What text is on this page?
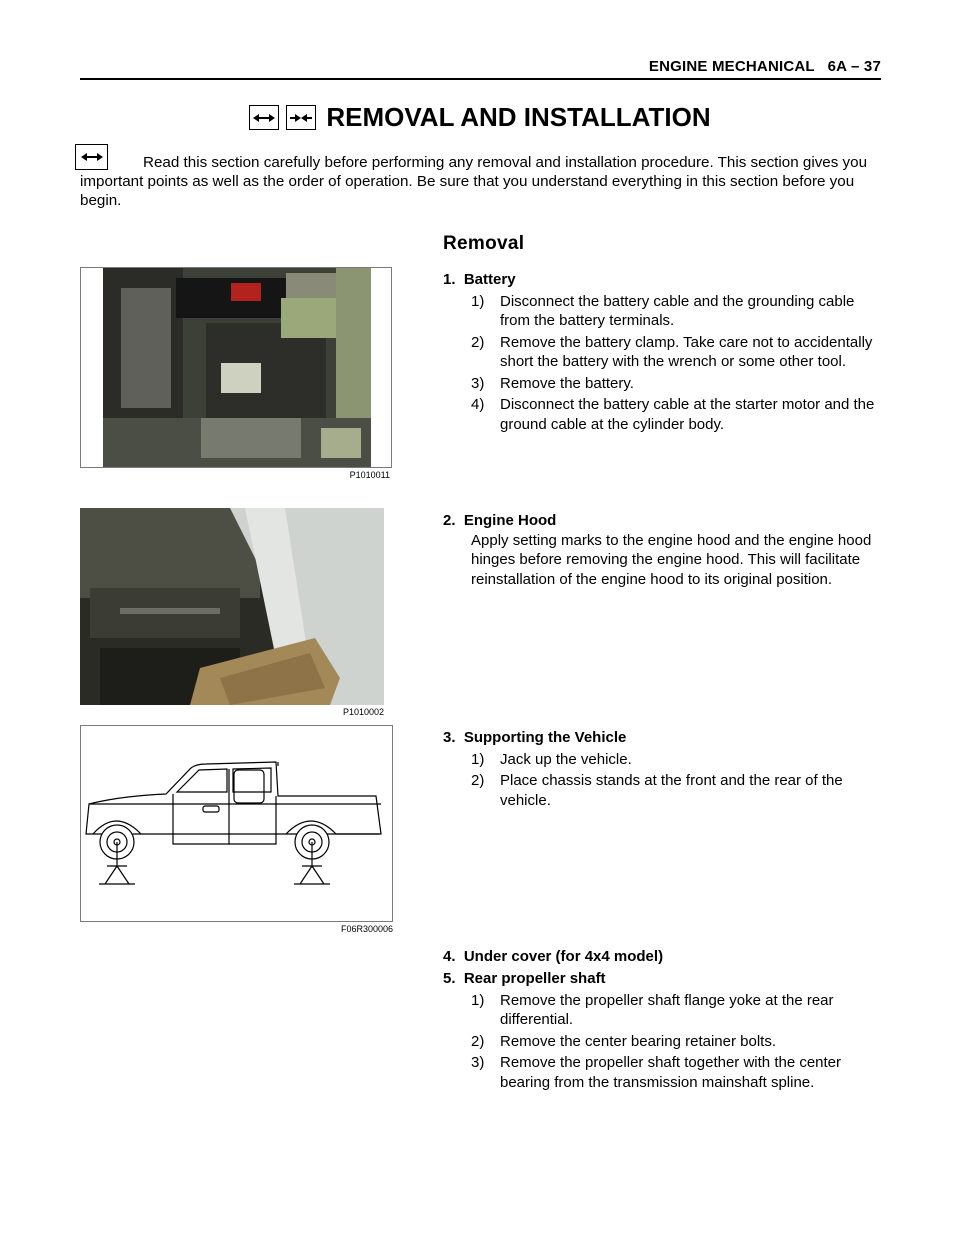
ENGINE MECHANICAL   6A – 37
REMOVAL AND INSTALLATION
Read this section carefully before performing any removal and installation procedure. This section gives you important points as well as the order of operation. Be sure that you understand everything in this section before you begin.
Removal
P1010011
P1010002
F06R300006
1.  Battery
1)	Disconnect the battery cable and the grounding cable from the battery terminals.
2)	Remove the battery clamp. Take care not to accidentally short the battery with the wrench or some other tool.
3)	Remove the battery.
4)	Disconnect the battery cable at the starter motor and the ground cable at the cylinder body.
2.  Engine Hood
Apply setting marks to the engine hood and the engine hood hinges before removing the engine hood. This will facilitate reinstallation of the engine hood to its original position.
3.  Supporting the Vehicle
1)	Jack up the vehicle.
2)	Place chassis stands at the front and the rear of the vehicle.
4.  Under cover (for 4x4 model)
5.  Rear propeller shaft
1)	Remove the propeller shaft flange yoke at the rear differential.
2)	Remove the center bearing retainer bolts.
3)	Remove the propeller shaft together with the center bearing from the transmission mainshaft spline.
